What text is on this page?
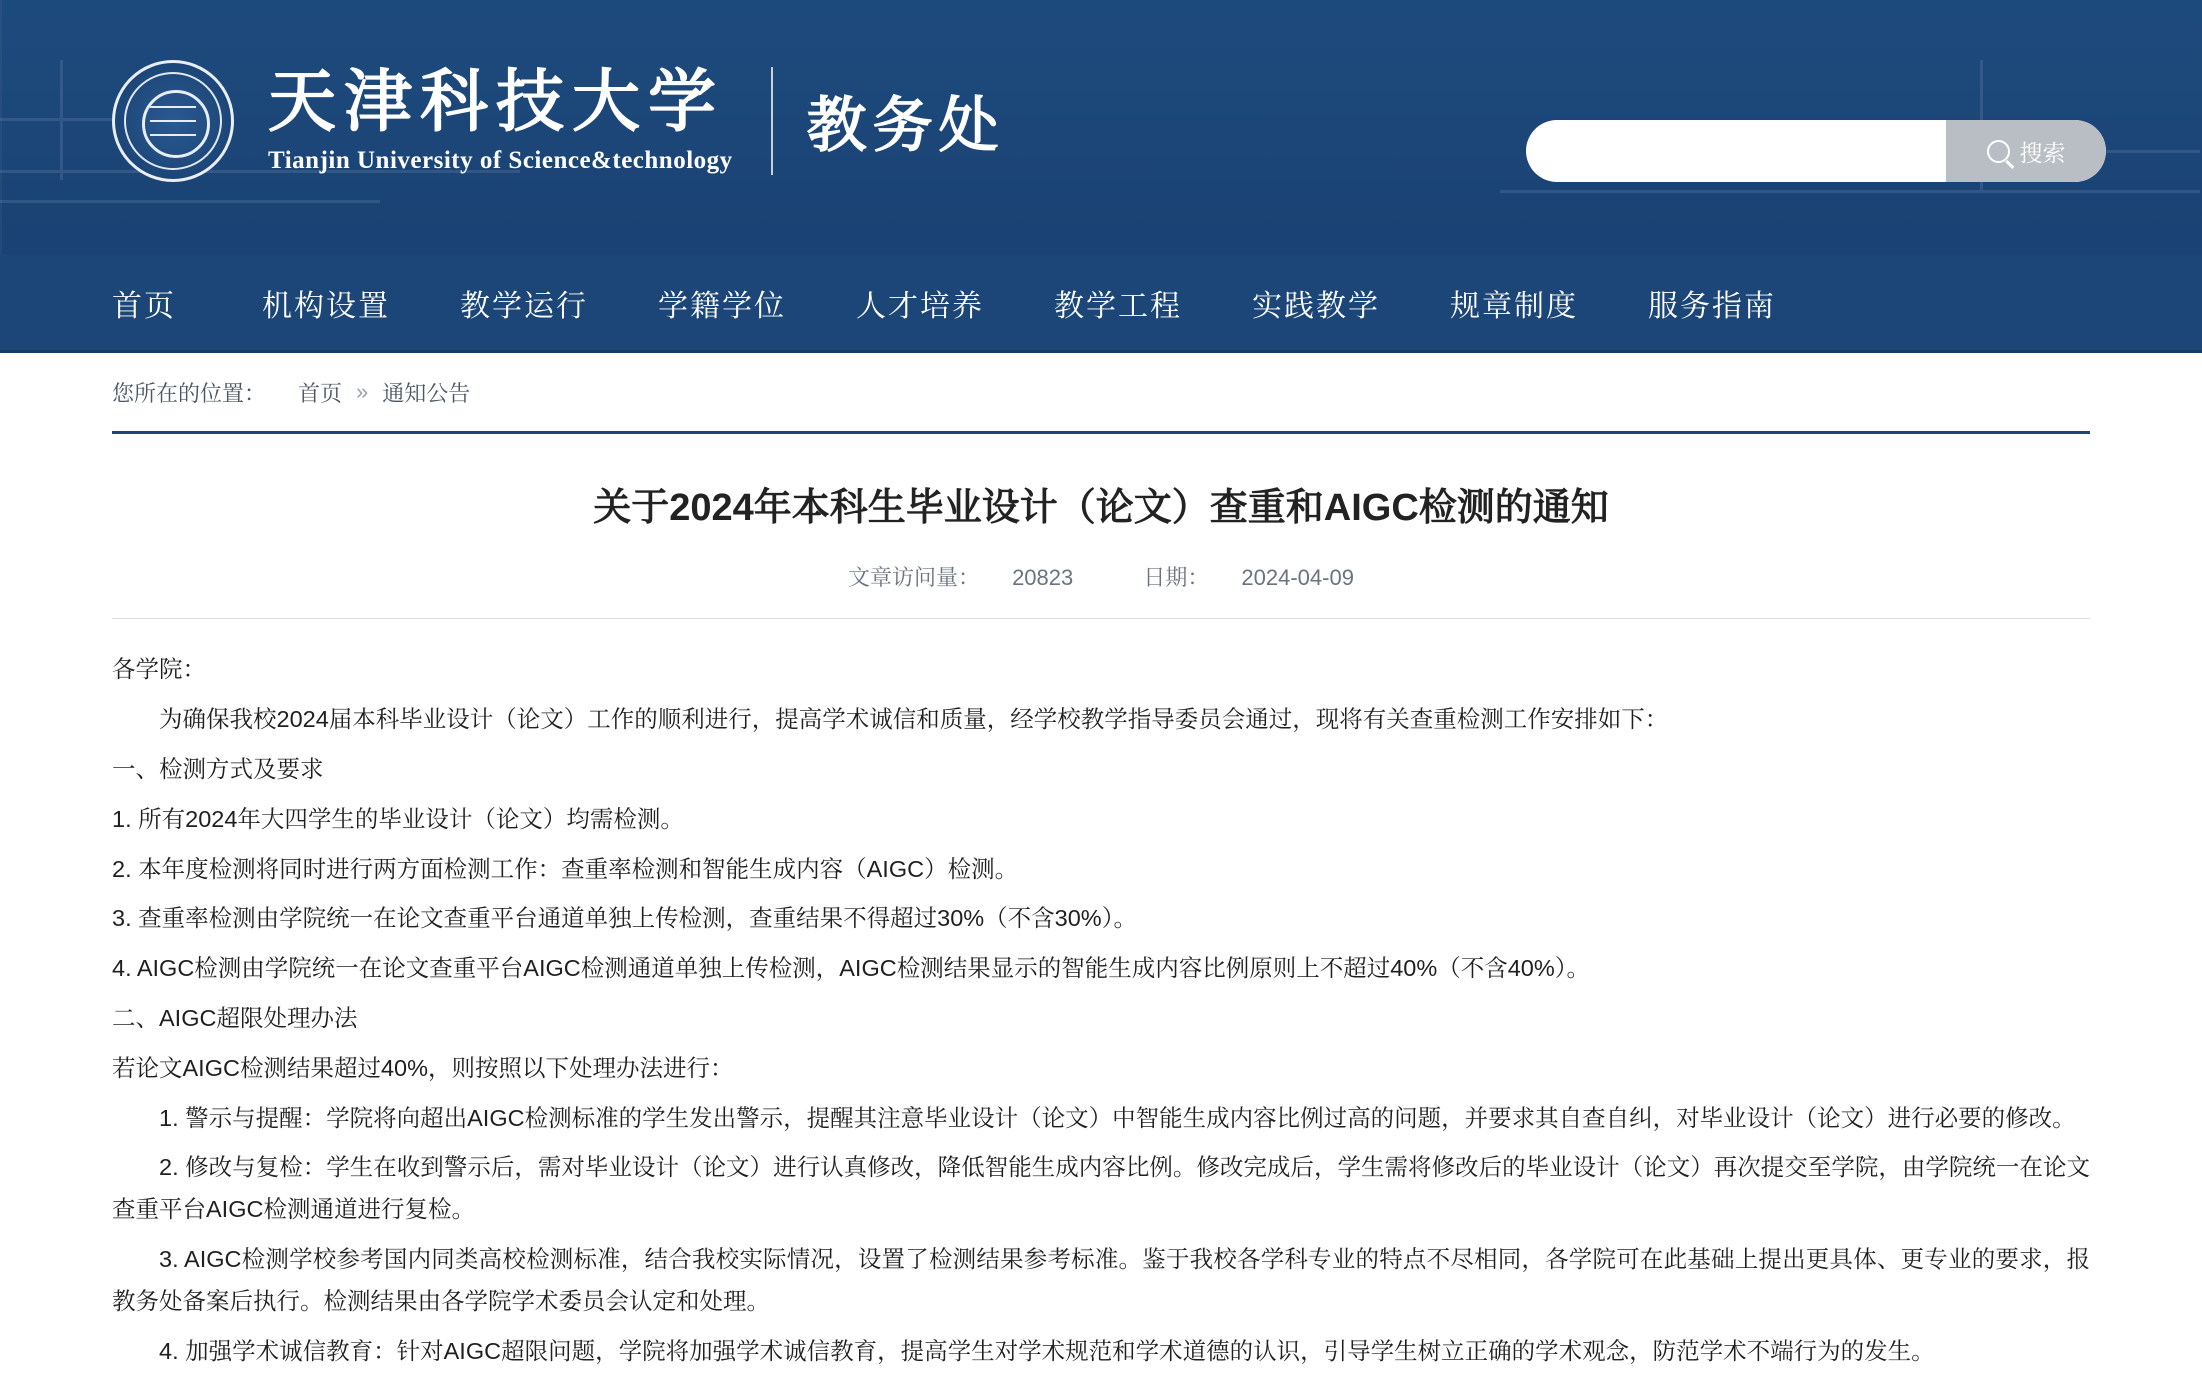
天津科技大学
Tianjin University of Science&technology
教务处	搜索
首页	机构设置 教学运行 学籍学位 人才培养 教学工程 实践教学 规章制度 服务指南
您所在的位置： 首页 » 通知公告
关于2024年本科生毕业设计（论文）查重和AIGC检测的通知
文章访问量： 20823	日期： 2024-04-09

各学院：

为确保我校2024届本科毕业设计（论文）工作的顺利进行，提高学术诚信和质量，经学校教学指导委员会通过，现将有关查重检测工作安排如下：

一、检测方式及要求

1. 所有2024年大四学生的毕业设计（论文）均需检测。

2. 本年度检测将同时进行两方面检测工作：查重率检测和智能生成内容（AIGC）检测。

3. 查重率检测由学院统一在论文查重平台通道单独上传检测，查重结果不得超过30%（不含30%）。

4. AIGC检测由学院统一在论文查重平台AIGC检测通道单独上传检测，AIGC检测结果显示的智能生成内容比例原则上不超过40%（不含40%）。

二、AIGC超限处理办法

若论文AIGC检测结果超过40%，则按照以下处理办法进行：

1. 警示与提醒：学院将向超出AIGC检测标准的学生发出警示，提醒其注意毕业设计（论文）中智能生成内容比例过高的问题，并要求其自查自纠，对毕业设计（论文）进行必要的修改。

2. 修改与复检：学生在收到警示后，需对毕业设计（论文）进行认真修改，降低智能生成内容比例。修改完成后，学生需将修改后的毕业设计（论文）再次提交至学院，由学院统一在论文查重平台AIGC检测通道进行复检。

3. AIGC检测学校参考国内同类高校检测标准，结合我校实际情况，设置了检测结果参考标准。鉴于我校各学科专业的特点不尽相同，各学院可在此基础上提出更具体、更专业的要求，报教务处备案后执行。检测结果由各学院学术委员会认定和处理。

4. 加强学术诚信教育：针对AIGC超限问题，学院将加强学术诚信教育，提高学生对学术规范和学术道德的认识，引导学生树立正确的学术观念，防范学术不端行为的发生。
